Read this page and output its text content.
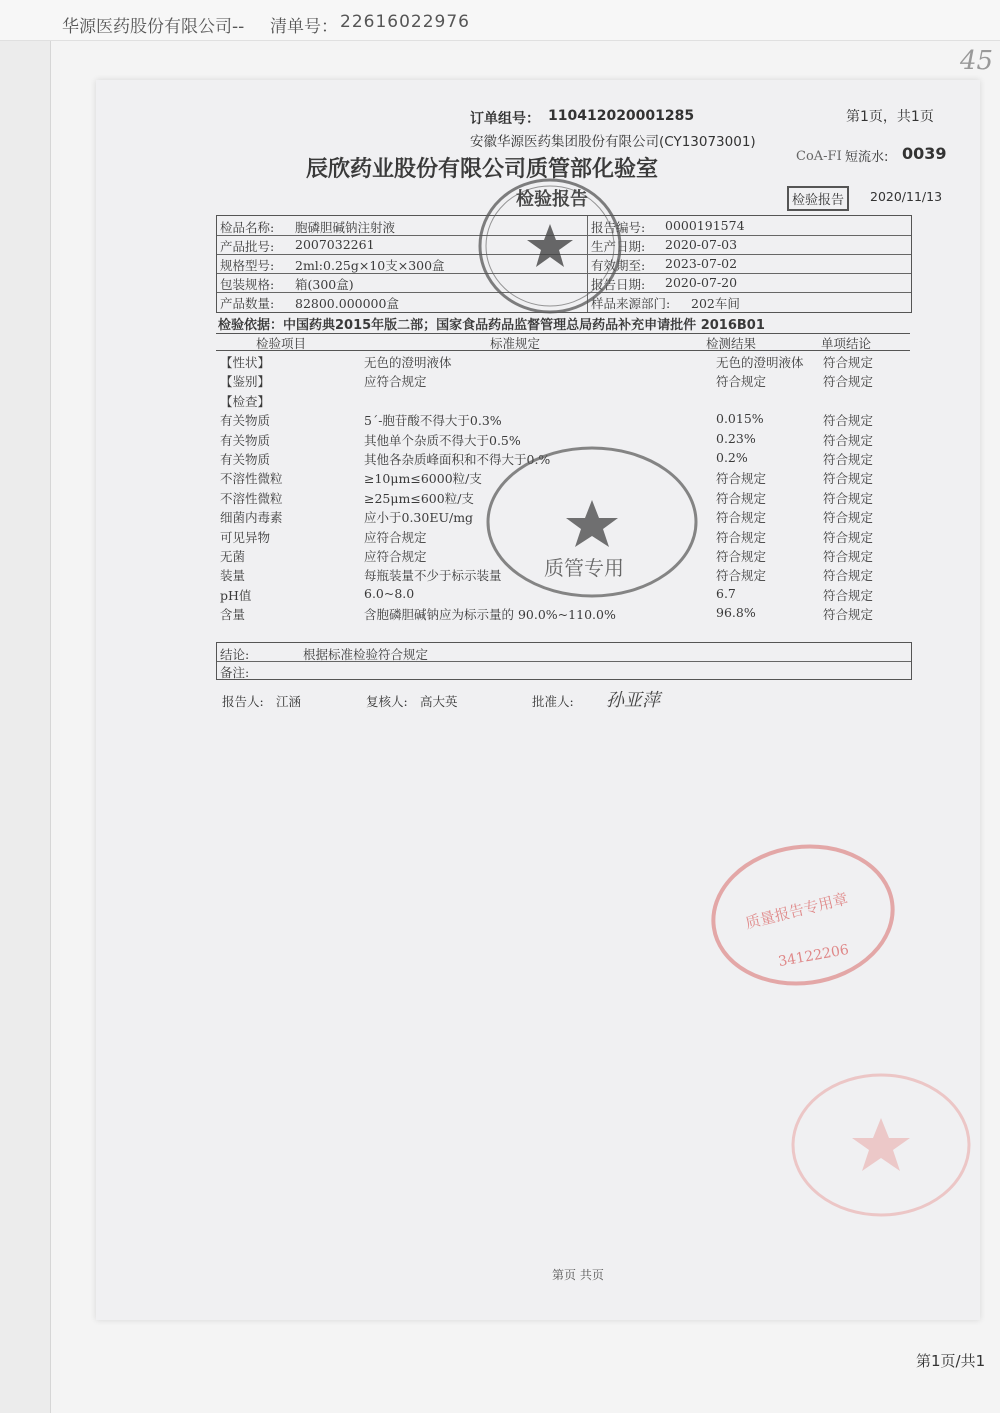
华源医药股份有限公司-- 清单号： 22616022976
45
订单组号： 110412020001285	第1页，共1页
安徽华源医药集团股份有限公司(CY13073001)
辰欣药业股份有限公司质管部化验室
CoA-FI 短流水: 0039
检验报告	检验报告	2020/11/13
检品名称: 胞磷胆碱钠注射液	报告编号: 0000191574
产品批号: 2007032261	生产日期: 2020-07-03
规格型号: 2ml:0.25g×10支×300盒	有效期至: 2023-07-02
包装规格: 箱(300盒)	报告日期: 2020-07-20
产品数量: 82800.000000盒	样品来源部门: 202车间
检验依据：中国药典2015年版二部；国家食品药品监督管理总局药品补充申请批件 2016B01
检验项目	标准规定	检测结果	单项结论
【性状】	无色的澄明液体	无色的澄明液体 符合规定
【鉴别】	应符合规定	符合规定	符合规定
【检查】
有关物质	5´-胞苷酸不得大于0.3%	0.015%	符合规定
有关物质	其他单个杂质不得大于0.5%	0.23%	符合规定
有关物质	其他各杂质峰面积和不得大于0.%	0.2%	符合规定
不溶性微粒	≥10μm≤6000粒/支	符合规定	符合规定
不溶性微粒	≥25μm≤600粒/支	符合规定	符合规定
细菌内毒素	应小于0.30EU/mg	符合规定	符合规定
可见异物	应符合规定	符合规定	符合规定
无菌	应符合规定	符合规定	符合规定
装量	每瓶装量不少于标示装量	符合规定	符合规定
pH值	6.0~8.0	6.7	符合规定
含量	含胞磷胆碱钠应为标示量的 90.0%~110.0%	96.8%	符合规定
结论:	根据标准检验符合规定
备注:
报告人: 江涵	复核人: 高大英	批准人: 孙亚萍
第页 共页
第1页/共1
质管专用
质量报告专用章
34122206
